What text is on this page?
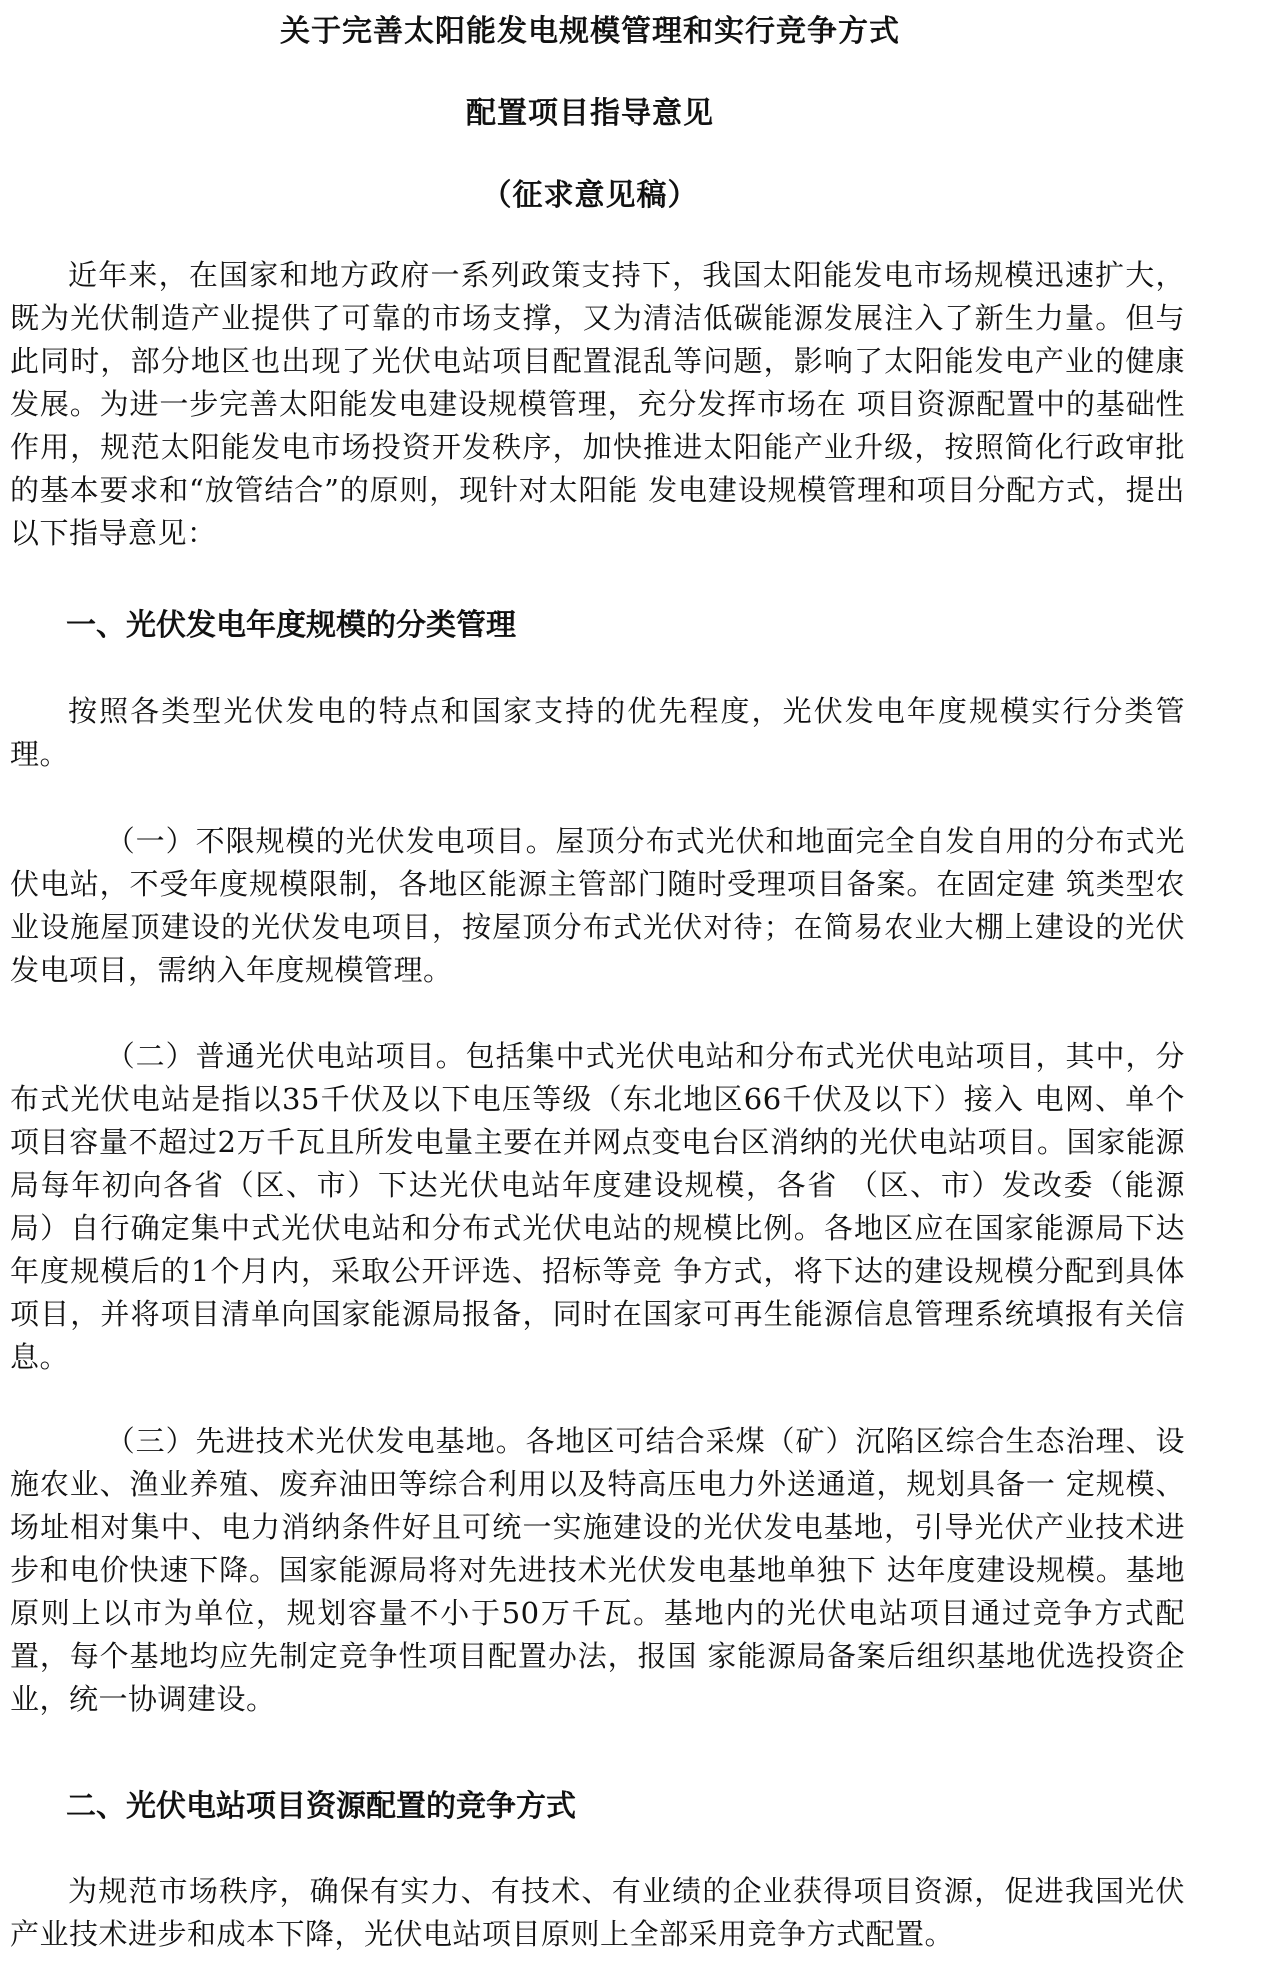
关于完善太阳能发电规模管理和实行竞争方式
配置项目指导意见
（征求意见稿）

近年来，在国家和地方政府一系列政策支持下，我国太阳能发电市场规模迅速扩大，既为光伏制造产业提供了可靠的市场支撑，又为清洁低碳能源发展注入了新生力量。但与此同时，部分地区也出现了光伏电站项目配置混乱等问题，影响了太阳能发电产业的健康发展。为进一步完善太阳能发电建设规模管理，充分发挥市场在 项目资源配置中的基础性作用，规范太阳能发电市场投资开发秩序，加快推进太阳能产业升级，按照简化行政审批的基本要求和“放管结合”的原则，现针对太阳能 发电建设规模管理和项目分配方式，提出以下指导意见：

一、光伏发电年度规模的分类管理

按照各类型光伏发电的特点和国家支持的优先程度，光伏发电年度规模实行分类管理。

（一）不限规模的光伏发电项目。屋顶分布式光伏和地面完全自发自用的分布式光伏电站，不受年度规模限制，各地区能源主管部门随时受理项目备案。在固定建 筑类型农业设施屋顶建设的光伏发电项目，按屋顶分布式光伏对待；在简易农业大棚上建设的光伏发电项目，需纳入年度规模管理。

（二）普通光伏电站项目。包括集中式光伏电站和分布式光伏电站项目，其中，分布式光伏电站是指以35千伏及以下电压等级（东北地区66千伏及以下）接入 电网、单个项目容量不超过2万千瓦且所发电量主要在并网点变电台区消纳的光伏电站项目。国家能源局每年初向各省（区、市）下达光伏电站年度建设规模，各省 （区、市）发改委（能源局）自行确定集中式光伏电站和分布式光伏电站的规模比例。各地区应在国家能源局下达年度规模后的1个月内，采取公开评选、招标等竞 争方式，将下达的建设规模分配到具体项目，并将项目清单向国家能源局报备，同时在国家可再生能源信息管理系统填报有关信息。

（三）先进技术光伏发电基地。各地区可结合采煤（矿）沉陷区综合生态治理、设施农业、渔业养殖、废弃油田等综合利用以及特高压电力外送通道，规划具备一 定规模、场址相对集中、电力消纳条件好且可统一实施建设的光伏发电基地，引导光伏产业技术进步和电价快速下降。国家能源局将对先进技术光伏发电基地单独下 达年度建设规模。基地原则上以市为单位，规划容量不小于50万千瓦。基地内的光伏电站项目通过竞争方式配置，每个基地均应先制定竞争性项目配置办法，报国 家能源局备案后组织基地优选投资企业，统一协调建设。

二、光伏电站项目资源配置的竞争方式

为规范市场秩序，确保有实力、有技术、有业绩的企业获得项目资源，促进我国光伏产业技术进步和成本下降，光伏电站项目原则上全部采用竞争方式配置。
